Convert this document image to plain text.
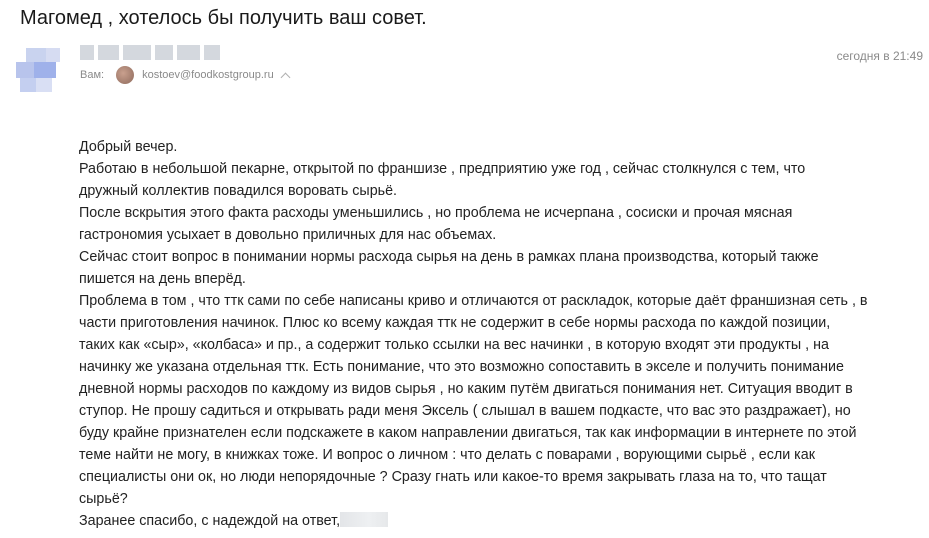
Магомед , хотелось бы получить ваш совет.
сегодня в 21:49
Вам:	kostoev@foodkostgroup.ru
Добрый вечер.
Работаю в небольшой пекарне, открытой по франшизе , предприятию уже год , сейчас столкнулся с тем, что
дружный коллектив повадился воровать сырьё.
После вскрытия этого факта расходы уменьшились , но проблема не исчерпана , сосиски и прочая мясная
гастрономия усыхает в довольно приличных для нас объемах.
Сейчас стоит вопрос в понимании нормы расхода сырья на день в рамках плана производства, который также
пишется на день вперёд.
Проблема в том , что ттк сами по себе написаны криво и отличаются от раскладок, которые даёт франшизная сеть , в
части приготовления начинок. Плюс ко всему каждая ттк не содержит в себе нормы расхода по каждой позиции,
таких как «сыр», «колбаса» и пр., а содержит только ссылки на вес начинки , в которую входят эти продукты , на
начинку же указана отдельная ттк. Есть понимание, что это возможно сопоставить в экселе и получить понимание
дневной нормы расходов по каждому из видов сырья , но каким путём двигаться понимания нет. Ситуация вводит в
ступор. Не прошу садиться и открывать ради меня Эксель ( слышал в вашем подкасте, что вас это раздражает), но
буду крайне признателен если подскажете в каком направлении двигаться, так как информации в интернете по этой
теме найти не могу, в книжках тоже. И вопрос о личном : что делать с поварами , ворующими сырьё , если как
специалисты они ок, но люди непорядочные ? Сразу гнать или какое-то время закрывать глаза на то, что тащат
сырьё?
Заранее спасибо, с надеждой на ответ,
